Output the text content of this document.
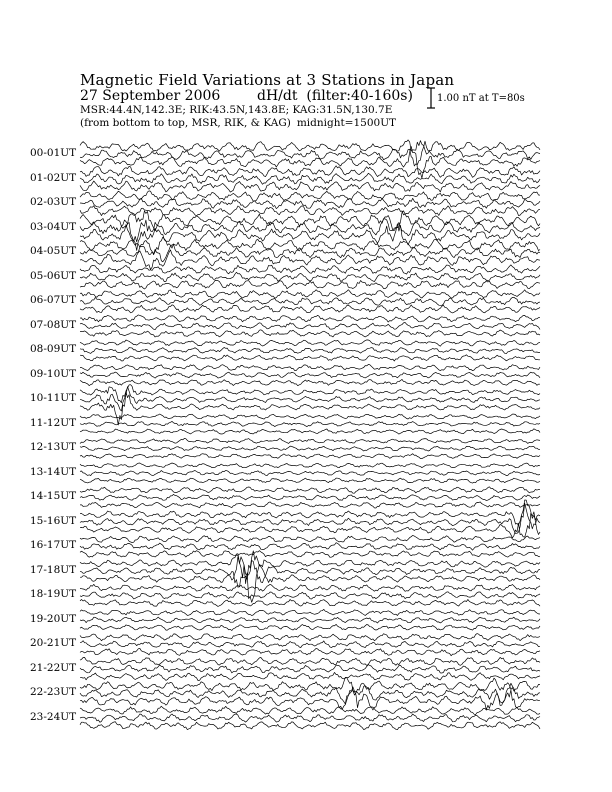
Magnetic Field Variations at 3 Stations in Japan
27 September 2006	dH/dt (filter:40-160s)
MSR:44.4N,142.3E; RIK:43.5N,143.8E; KAG:31.5N,130.7E
(from bottom to top, MSR, RIK, & KAG) midnight=1500UT
1.00 nT at T=80s
00-01UT
01-02UT
02-03UT
03-04UT
04-05UT
05-06UT
06-07UT
07-08UT
08-09UT
09-10UT
10-11UT
11-12UT
12-13UT
13-14UT
14-15UT
15-16UT
16-17UT
17-18UT
18-19UT
19-20UT
20-21UT
21-22UT
22-23UT
23-24UT
